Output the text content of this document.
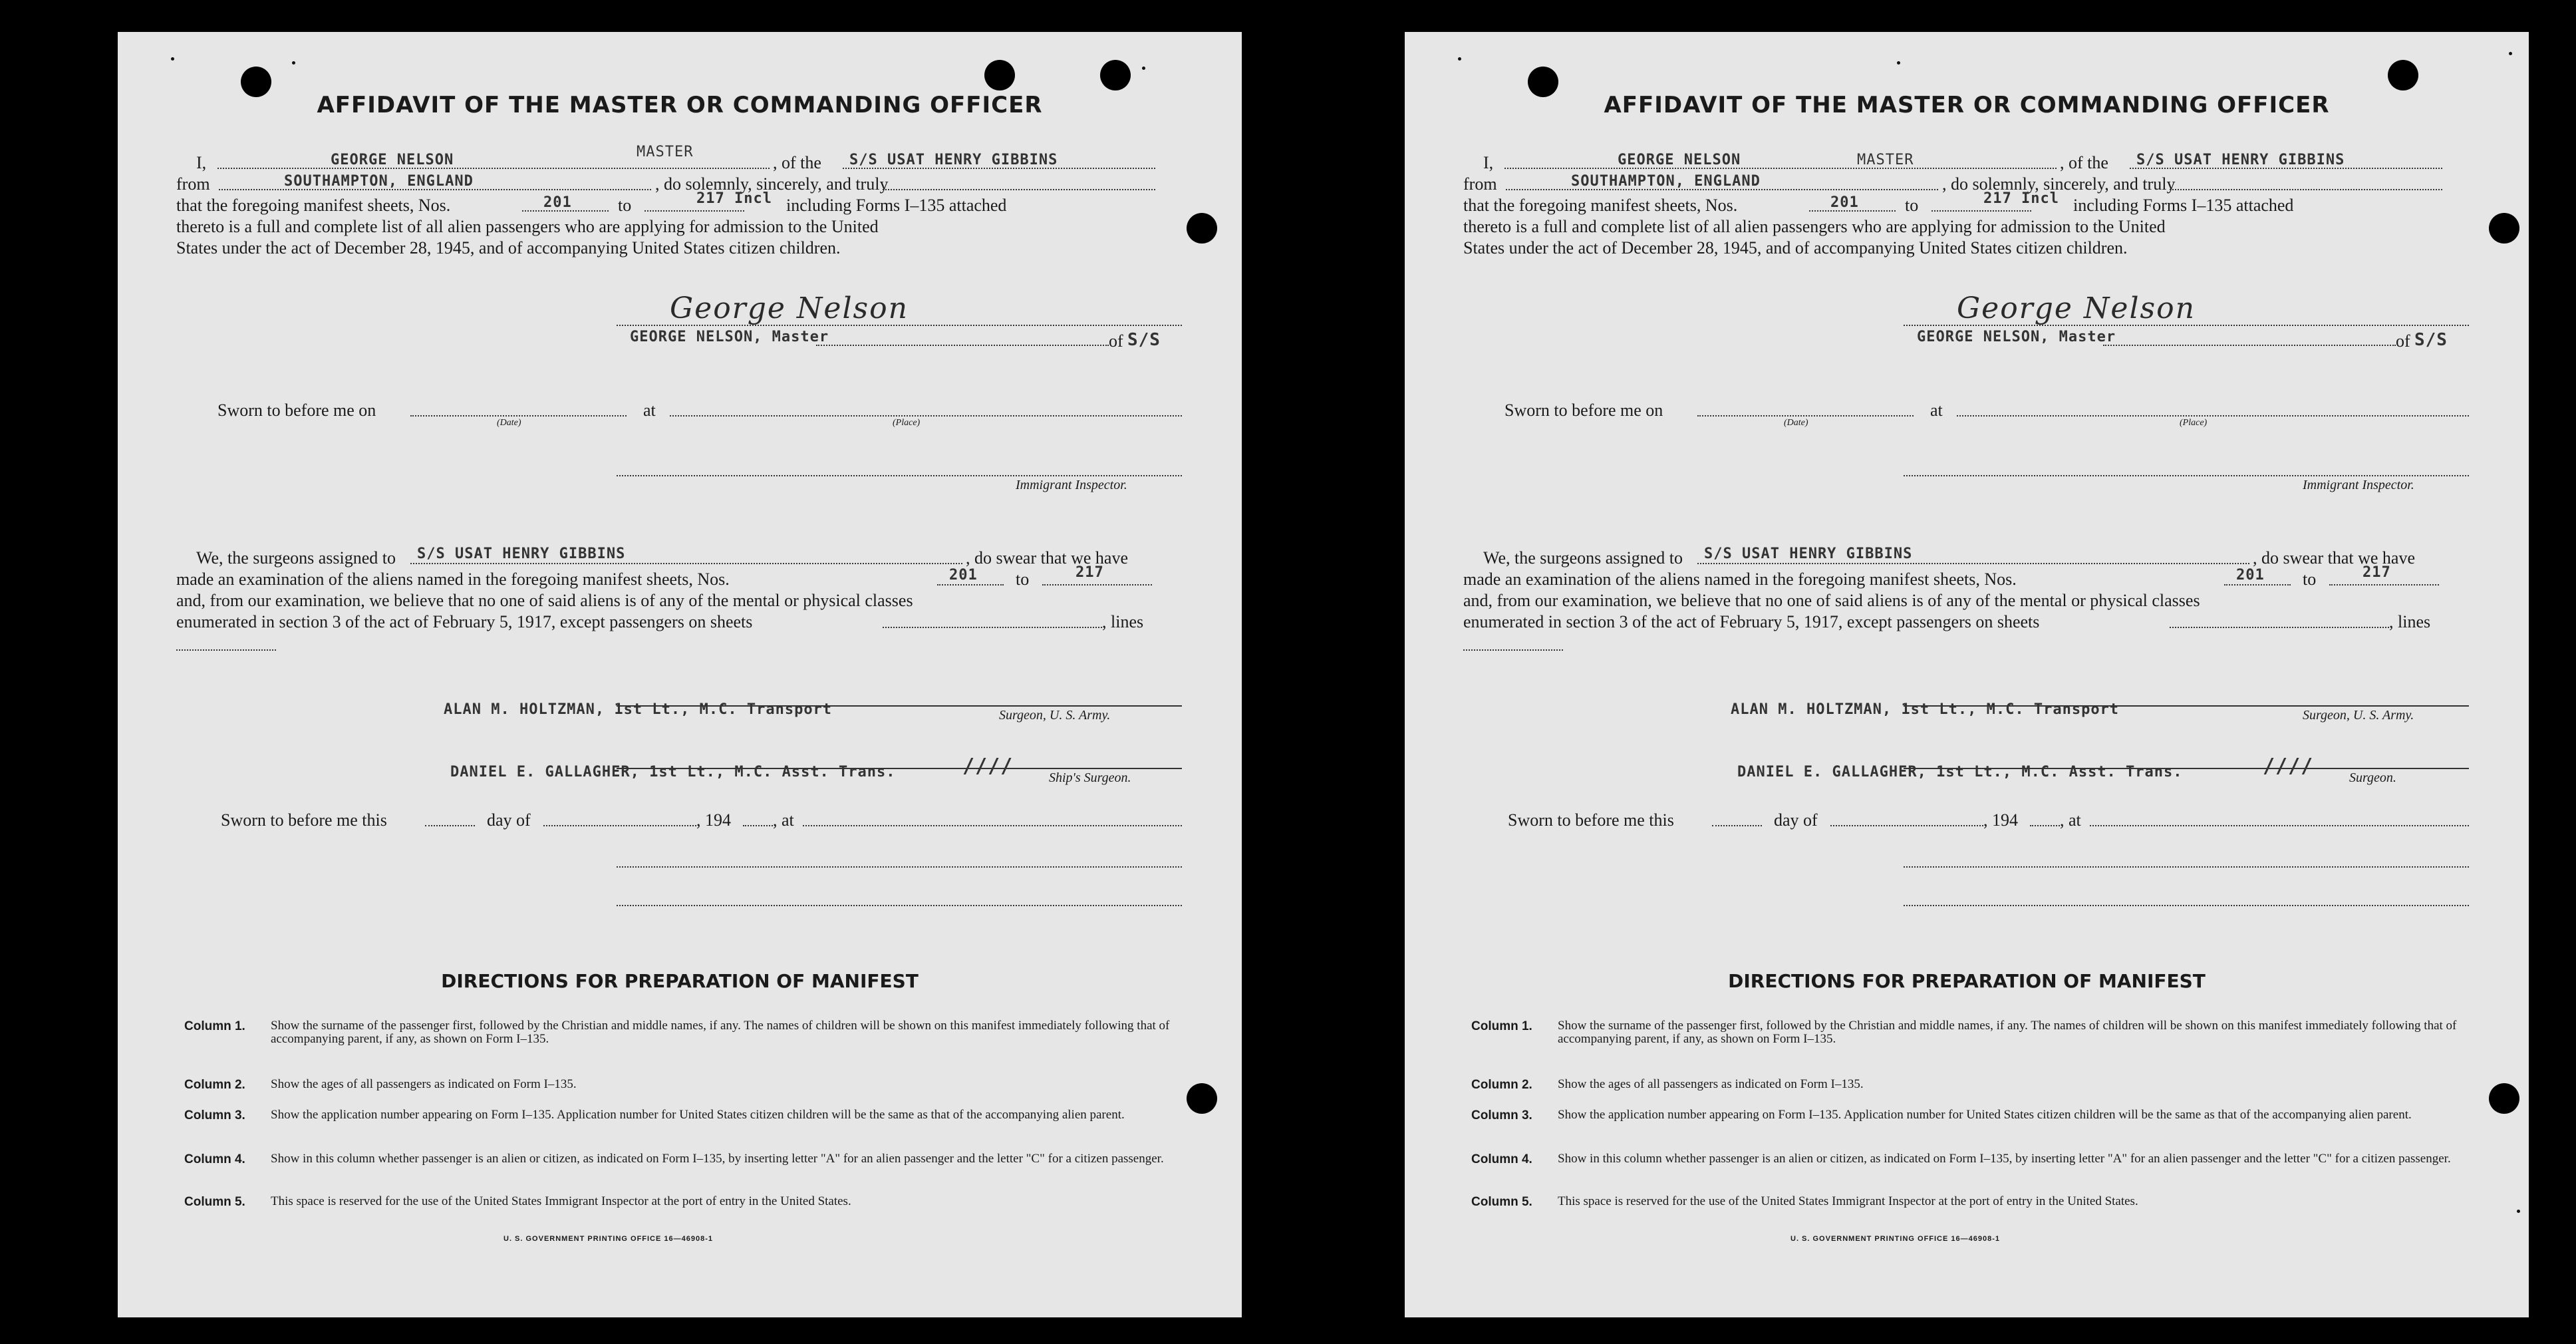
AFFIDAVIT OF THE MASTER OR COMMANDING OFFICER
I,	GEORGE NELSON	MASTER
, of the S/S USAT HENRY GIBBINS
from	SOUTHAMPTON, ENGLAND	, do solemnly, sincerely, and truly
that the foregoing manifest sheets, Nos.	201	to	217 Incl including Forms I–135 attached
thereto is a full and complete list of all alien passengers who are applying for admission to the United
States under the act of December 28, 1945, and of accompanying United States citizen children.
George Nelson
GEORGE NELSON, Master	of S/S
Sworn to before me on
(Date)
at
(Place)
Immigrant Inspector.
We, the surgeons assigned to S/S USAT HENRY GIBBINS	, do swear that we have
made an examination of the aliens named in the foregoing manifest sheets, Nos.	201 to	217
and, from our examination, we believe that no one of said aliens is of any of the mental or physical classes
enumerated in section 3 of the act of February 5, 1917, except passengers on sheets	, lines
ALAN M. HOLTZMAN, 1st Lt., M.C. Transport	Surgeon, U. S. Army.
DANIEL E. GALLAGHER, 1st Lt., M.C. Asst. Trans.	////	Ship's Surgeon.
Sworn to before me this	day of	, 194 , at
DIRECTIONS FOR PREPARATION OF MANIFEST
Column 1. Show the surname of the passenger first, followed by the Christian and middle names, if any. The names of children will be shown on this manifest immediately following that of accompanying parent, if any, as shown on Form I–135.
Column 2. Show the ages of all passengers as indicated on Form I–135.
Column 3. Show the application number appearing on Form I–135. Application number for United States citizen children will be the same as that of the accompanying alien parent.
Column 4. Show in this column whether passenger is an alien or citizen, as indicated on Form I–135, by inserting letter "A" for an alien passenger and the letter "C" for a citizen passenger.
Column 5. This space is reserved for the use of the United States Immigrant Inspector at the port of entry in the United States.
U. S. GOVERNMENT PRINTING OFFICE 16—46908-1
AFFIDAVIT OF THE MASTER OR COMMANDING OFFICER
I,	GEORGE NELSON	MASTER	, of the S/S USAT HENRY GIBBINS
from	SOUTHAMPTON, ENGLAND	, do solemnly, sincerely, and truly
that the foregoing manifest sheets, Nos.	201	to	217 Incl including Forms I–135 attached
thereto is a full and complete list of all alien passengers who are applying for admission to the United
States under the act of December 28, 1945, and of accompanying United States citizen children.
George Nelson
GEORGE NELSON, Master	of S/S
Sworn to before me on
(Date)
at
(Place)
Immigrant Inspector.
We, the surgeons assigned to S/S USAT HENRY GIBBINS	, do swear that we have
made an examination of the aliens named in the foregoing manifest sheets, Nos.	201 to	217
and, from our examination, we believe that no one of said aliens is of any of the mental or physical classes
enumerated in section 3 of the act of February 5, 1917, except passengers on sheets	, lines
ALAN M. HOLTZMAN, 1st Lt., M.C. Transport	Surgeon, U. S. Army.
DANIEL E. GALLAGHER, 1st Lt., M.C. Asst. Trans.	////	Surgeon.
Sworn to before me this	day of	, 194 , at
DIRECTIONS FOR PREPARATION OF MANIFEST
Column 1. Show the surname of the passenger first, followed by the Christian and middle names, if any. The names of children will be shown on this manifest immediately following that of accompanying parent, if any, as shown on Form I–135.
Column 2. Show the ages of all passengers as indicated on Form I–135.
Column 3. Show the application number appearing on Form I–135. Application number for United States citizen children will be the same as that of the accompanying alien parent.
Column 4. Show in this column whether passenger is an alien or citizen, as indicated on Form I–135, by inserting letter "A" for an alien passenger and the letter "C" for a citizen passenger.
Column 5. This space is reserved for the use of the United States Immigrant Inspector at the port of entry in the United States.
U. S. GOVERNMENT PRINTING OFFICE 16—46908-1
